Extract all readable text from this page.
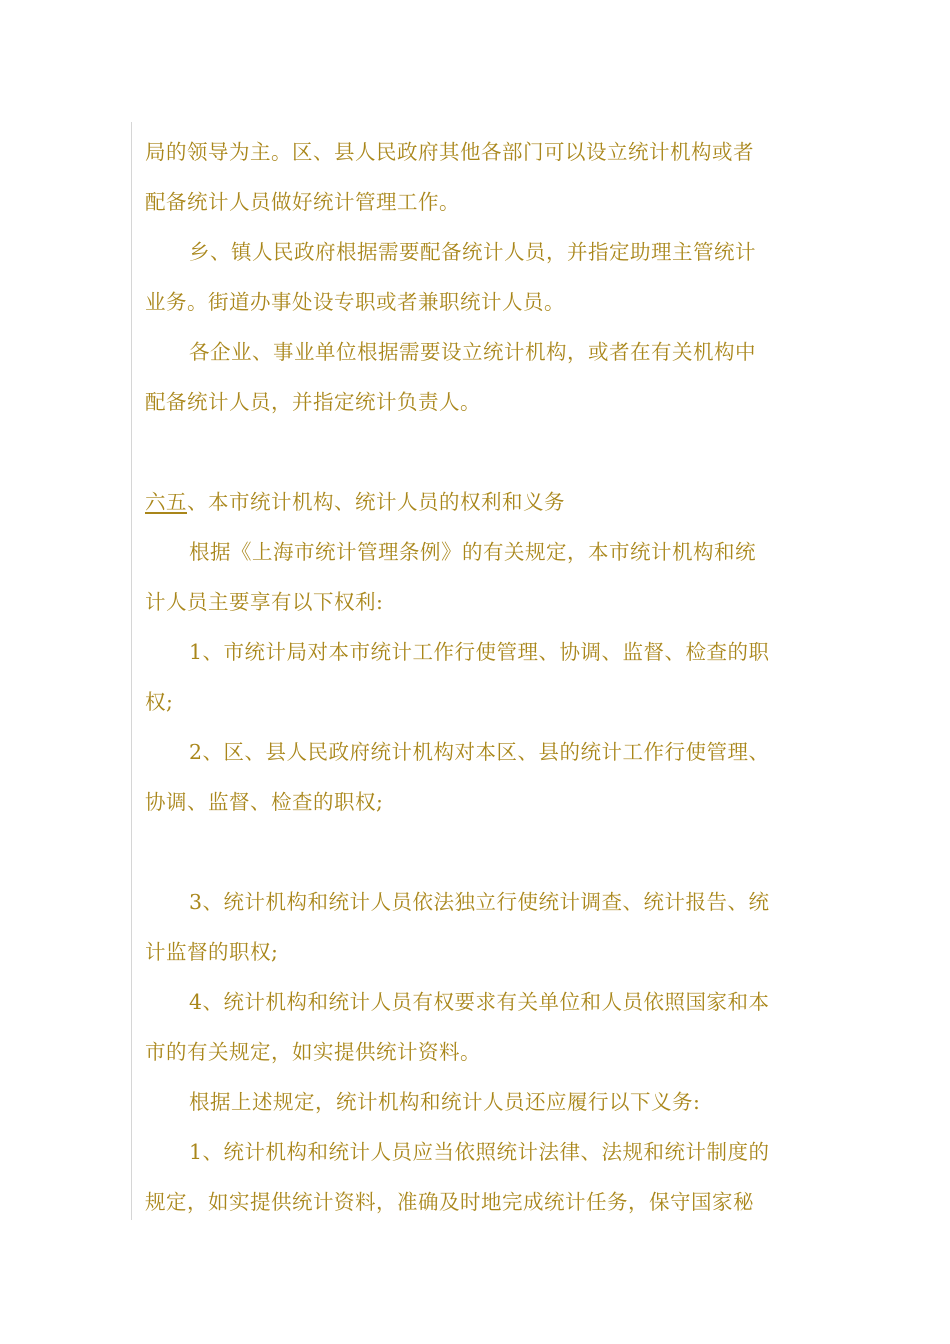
局的领导为主。区、县人民政府其他各部门可以设立统计机构或者
配备统计人员做好统计管理工作。
乡、镇人民政府根据需要配备统计人员，并指定助理主管统计
业务。街道办事处设专职或者兼职统计人员。
各企业、事业单位根据需要设立统计机构，或者在有关机构中
配备统计人员，并指定统计负责人。
六五、本市统计机构、统计人员的权利和义务
根据《上海市统计管理条例》的有关规定，本市统计机构和统
计人员主要享有以下权利:
1、市统计局对本市统计工作行使管理、协调、监督、检查的职
权;
2、区、县人民政府统计机构对本区、县的统计工作行使管理、
协调、监督、检查的职权;
3、统计机构和统计人员依法独立行使统计调查、统计报告、统
计监督的职权;
4、统计机构和统计人员有权要求有关单位和人员依照国家和本
市的有关规定，如实提供统计资料。
根据上述规定，统计机构和统计人员还应履行以下义务:
1、统计机构和统计人员应当依照统计法律、法规和统计制度的
规定，如实提供统计资料，准确及时地完成统计任务，保守国家秘
